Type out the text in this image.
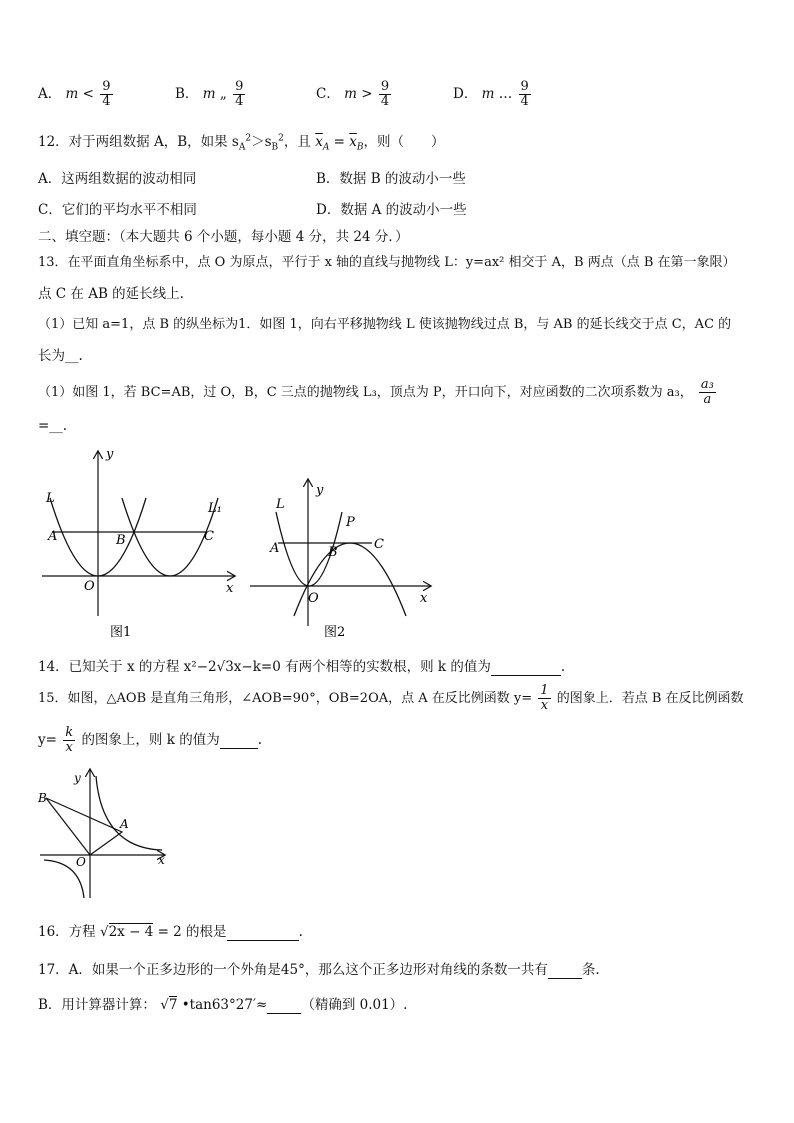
A． $m < \frac{9}{4}$	B． m „ $\frac{9}{4}$	C． $m > \frac{9}{4}$	D． m … $\frac{9}{4}$
12．对于两组数据 A，B，如果 $s_A^2>s_B^2$，且 $\overline{x}_A = \overline{x}_B$，则（　　）
A．这两组数据的波动相同	B．数据 B 的波动小一些
C．它们的平均水平不相同	D．数据 A 的波动小一些
二、填空题：（本大题共 6 个小题，每小题 4 分，共 24 分．）
13．在平面直角坐标系中，点 O 为原点，平行于 x 轴的直线与抛物线 L：y=ax² 相交于 A，B 两点（点 B 在第一象限）
点 C 在 AB 的延长线上.
（1）已知 a=1，点 B 的纵坐标为1．如图 1，向右平移抛物线 L 使该抛物线过点 B，与 AB 的延长线交于点 C，AC 的
长为__.
（1）如图 1，若 BC=AB，过 O，B，C 三点的抛物线 L₃，顶点为 P，开口向下，对应函数的二次项系数为 a₃， $\frac{\text{a₃}}{a}$
=__.
y
x
O
L
L₁
A	B	C
图1
y
x
O
L
A	B
C
P
图2
14．已知关于 x 的方程 x²−2√3x−k=0 有两个相等的实数根，则 k 的值为	.
15．如图，△AOB 是直角三角形，∠AOB=90°，OB=2OA，点 A 在反比例函数 $y= \frac{1}{x}$ 的图象上．若点 B 在反比例函数
$y= \frac{k}{x}$ 的图象上，则 k 的值为	.
y
x
O
A
B
16．方程 √2x − 4 = 2 的根是	.
17．A．如果一个正多边形的一个外角是45°，那么这个正多边形对角线的条数一共有	条.
B．用计算器计算： √7 •tan63°27′≈	（精确到 0.01）.
